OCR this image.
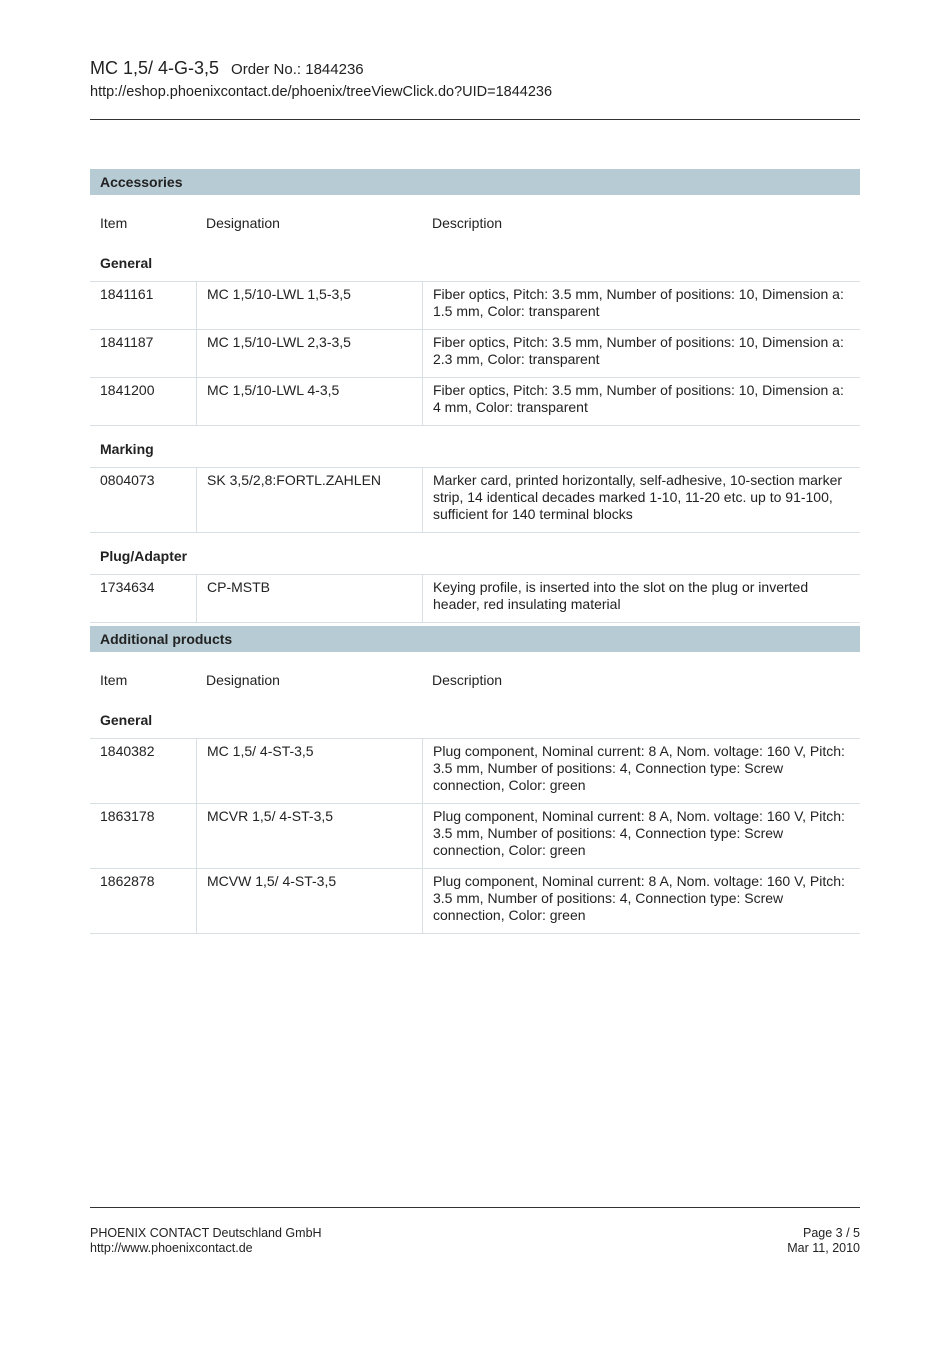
MC 1,5/ 4-G-3,5 Order No.: 1844236
http://eshop.phoenixcontact.de/phoenix/treeViewClick.do?UID=1844236
Accessories
Item	Designation	Description
General
1841161	MC 1,5/10-LWL 1,5-3,5	Fiber optics, Pitch: 3.5 mm, Number of positions: 10, Dimension a: 1.5 mm, Color: transparent
1841187	MC 1,5/10-LWL 2,3-3,5	Fiber optics, Pitch: 3.5 mm, Number of positions: 10, Dimension a: 2.3 mm, Color: transparent
1841200	MC 1,5/10-LWL 4-3,5	Fiber optics, Pitch: 3.5 mm, Number of positions: 10, Dimension a: 4 mm, Color: transparent
Marking
0804073	SK 3,5/2,8:FORTL.ZAHLEN	Marker card, printed horizontally, self-adhesive, 10-section marker strip, 14 identical decades marked 1-10, 11-20 etc. up to 91-100, sufficient for 140 terminal blocks
Plug/Adapter
1734634	CP-MSTB	Keying profile, is inserted into the slot on the plug or inverted header, red insulating material
Additional products
Item	Designation	Description
General
1840382	MC 1,5/ 4-ST-3,5	Plug component, Nominal current: 8 A, Nom. voltage: 160 V, Pitch: 3.5 mm, Number of positions: 4, Connection type: Screw connection, Color: green
1863178	MCVR 1,5/ 4-ST-3,5	Plug component, Nominal current: 8 A, Nom. voltage: 160 V, Pitch: 3.5 mm, Number of positions: 4, Connection type: Screw connection, Color: green
1862878	MCVW 1,5/ 4-ST-3,5	Plug component, Nominal current: 8 A, Nom. voltage: 160 V, Pitch: 3.5 mm, Number of positions: 4, Connection type: Screw connection, Color: green
PHOENIX CONTACT Deutschland GmbH
http://www.phoenixcontact.de
Page 3 / 5
Mar 11, 2010
